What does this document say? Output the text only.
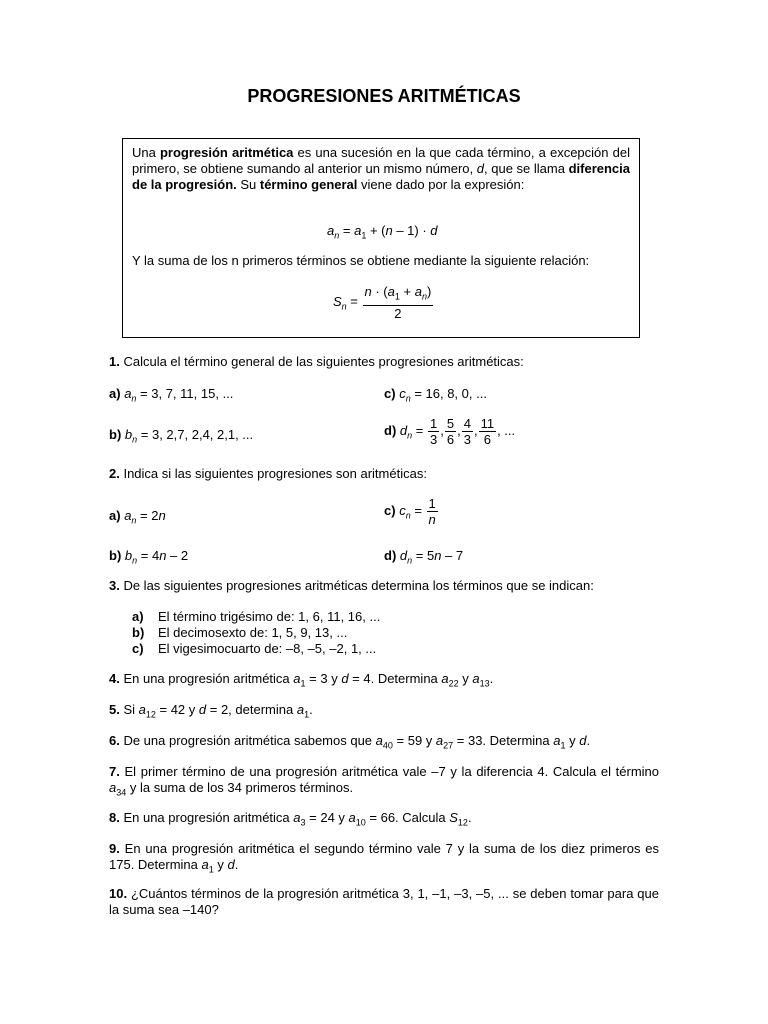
PROGRESIONES ARITMÉTICAS
Una progresión aritmética es una sucesión en la que cada término, a excepción del primero, se obtiene sumando al anterior un mismo número, d, que se llama diferencia de la progresión. Su término general viene dado por la expresión:
$a_n = a_1 + (n - 1) \cdot d$
Y la suma de los n primeros términos se obtiene mediante la siguiente relación:
$S_n = \frac{n \cdot (a_1 + a_n)}{2}$
1. Calcula el término general de las siguientes progresiones aritméticas:
a) $a_n = 3$, 7, 11, 15, ...	c) $c_n = 16$, 8, 0, ...
b) $b_n = 3$, 2,7, 2,4, 2,1, ...	d) $d_n = \frac{1}{3}$ , $\frac{5}{6}$ , $\frac{4}{3}$ , $\frac{11}{6}$ , ...
2. Indica si las siguientes progresiones son aritméticas:
a) $a_n = 2n$	c) $c_n = \frac{1}{n}$
b) $b_n = 4n - 2$	d) $d_n = 5n - 7$
3. De las siguientes progresiones aritméticas determina los términos que se indican:
a) El término trigésimo de: 1, 6, 11, 16, ...
b) El decimosexto de: 1, 5, 9, 13, ...
c) El vigesimocuarto de: –8, –5, –2, 1, ...
4. En una progresión aritmética $a_1 = 3$ y d = 4. Determina $a_{22}$ y $a_{13}$.
5. Si $a_{12} = 42$ y d = 2, determina $a_1$.
6. De una progresión aritmética sabemos que $a_{40} = 59$ y $a_{27} = 33$. Determina $a_1$ y d.
7. El primer término de una progresión aritmética vale –7 y la diferencia 4. Calcula el término $a_{34}$ y la suma de los 34 primeros términos.
8. En una progresión aritmética $a_3 = 24$ y $a_{10} = 66$. Calcula $S_{12}$.
9. En una progresión aritmética el segundo término vale 7 y la suma de los diez primeros es 175. Determina $a_1$ y d.
10. ¿Cuántos términos de la progresión aritmética 3, 1, –1, –3, –5, ... se deben tomar para que la suma sea –140?
